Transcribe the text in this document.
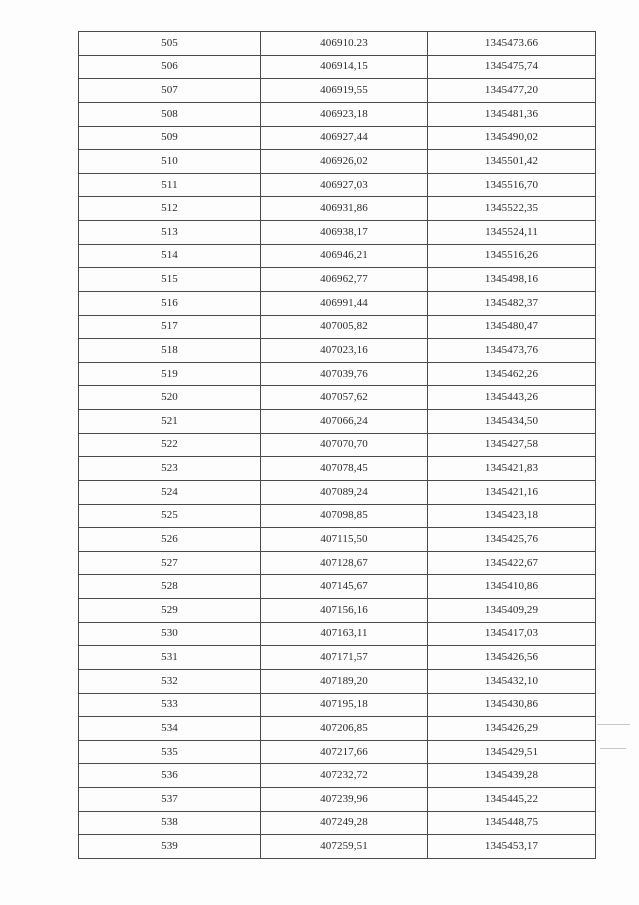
505	406910.23	1345473.66
506	406914,15	1345475,74
507	406919,55	1345477,20
508	406923,18	1345481,36
509	406927,44	1345490,02
510	406926,02	1345501,42
511	406927,03	1345516,70
512	406931,86	1345522,35
513	406938,17	1345524,11
514	406946,21	1345516,26
515	406962,77	1345498,16
516	406991,44	1345482,37
517	407005,82	1345480,47
518	407023,16	1345473,76
519	407039,76	1345462,26
520	407057,62	1345443,26
521	407066,24	1345434,50
522	407070,70	1345427,58
523	407078,45	1345421,83
524	407089,24	1345421,16
525	407098,85	1345423,18
526	407115,50	1345425,76
527	407128,67	1345422,67
528	407145,67	1345410,86
529	407156,16	1345409,29
530	407163,11	1345417,03
531	407171,57	1345426,56
532	407189,20	1345432,10
533	407195,18	1345430,86
534	407206,85	1345426,29
535	407217,66	1345429,51
536	407232,72	1345439,28
537	407239,96	1345445,22
538	407249,28	1345448,75
539	407259,51	1345453,17
